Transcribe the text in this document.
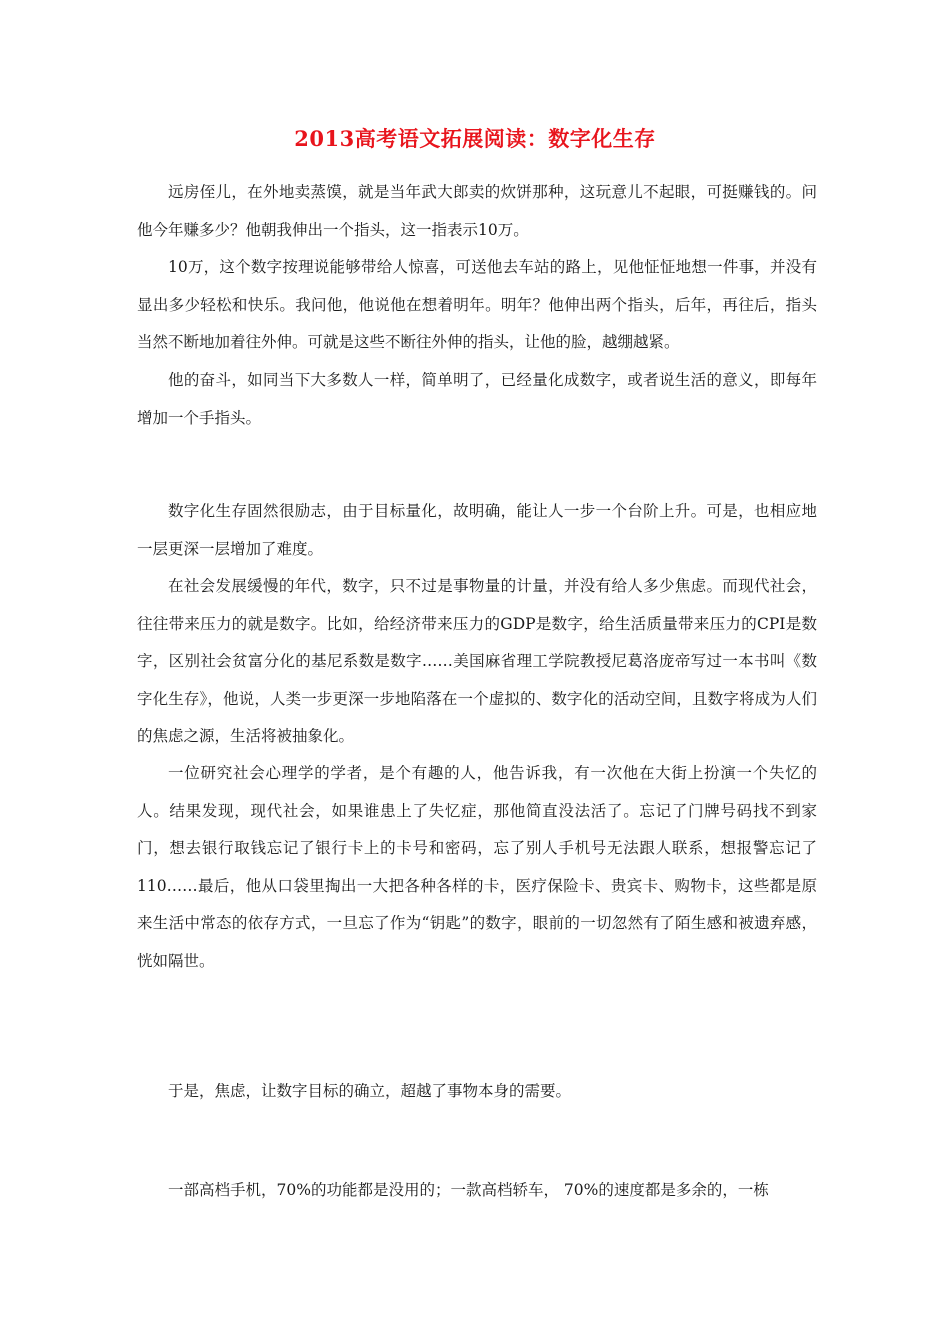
2013高考语文拓展阅读：数字化生存

远房侄儿，在外地卖蒸馍，就是当年武大郎卖的炊饼那种，这玩意儿不起眼，可挺赚钱的。问他今年赚多少？他朝我伸出一个指头，这一指表示10万。

10万，这个数字按理说能够带给人惊喜，可送他去车站的路上，见他怔怔地想一件事，并没有显出多少轻松和快乐。我问他，他说他在想着明年。明年？他伸出两个指头，后年，再往后，指头当然不断地加着往外伸。可就是这些不断往外伸的指头，让他的脸，越绷越紧。

他的奋斗，如同当下大多数人一样，简单明了，已经量化成数字，或者说生活的意义，即每年增加一个手指头。

数字化生存固然很励志，由于目标量化，故明确，能让人一步一个台阶上升。可是，也相应地一层更深一层增加了难度。

在社会发展缓慢的年代，数字，只不过是事物量的计量，并没有给人多少焦虑。而现代社会，往往带来压力的就是数字。比如，给经济带来压力的GDP是数字，给生活质量带来压力的CPI是数字，区别社会贫富分化的基尼系数是数字……美国麻省理工学院教授尼葛洛庞帝写过一本书叫《数字化生存》，他说，人类一步更深一步地陷落在一个虚拟的、数字化的活动空间，且数字将成为人们的焦虑之源，生活将被抽象化。

一位研究社会心理学的学者，是个有趣的人，他告诉我，有一次他在大街上扮演一个失忆的人。结果发现，现代社会，如果谁患上了失忆症，那他简直没法活了。忘记了门牌号码找不到家门，想去银行取钱忘记了银行卡上的卡号和密码，忘了别人手机号无法跟人联系，想报警忘记了110……最后，他从口袋里掏出一大把各种各样的卡，医疗保险卡、贵宾卡、购物卡，这些都是原来生活中常态的依存方式，一旦忘了作为“钥匙”的数字，眼前的一切忽然有了陌生感和被遗弃感，恍如隔世。

于是，焦虑，让数字目标的确立，超越了事物本身的需要。

一部高档手机，70%的功能都是没用的；一款高档轿车， 70%的速度都是多余的，一栋
